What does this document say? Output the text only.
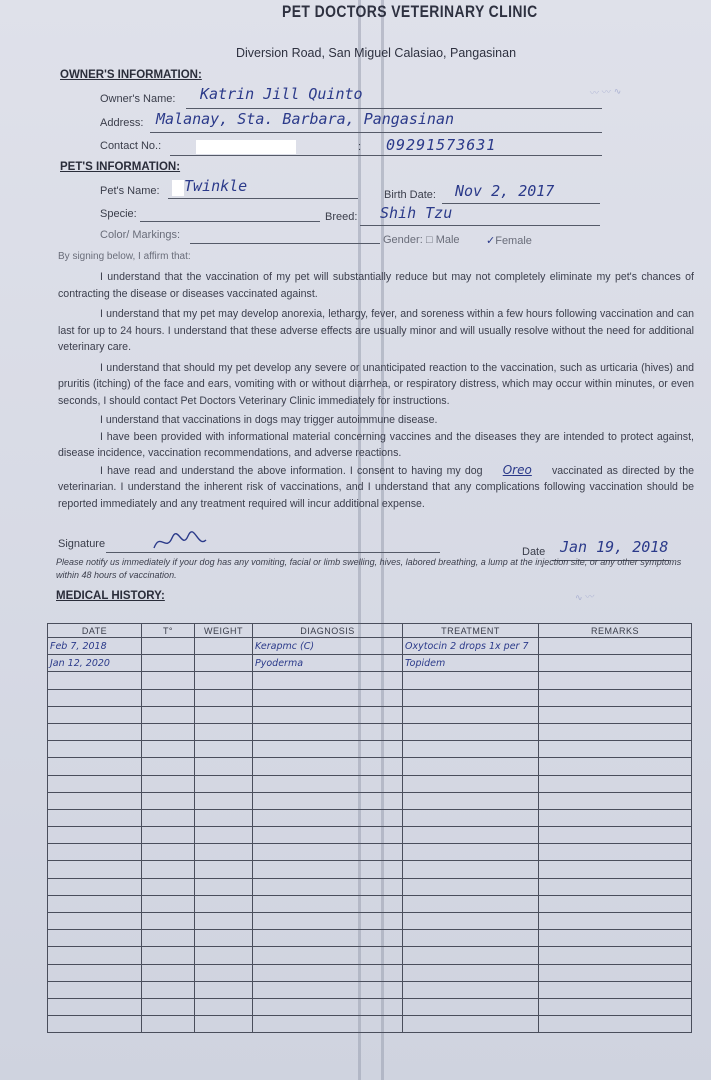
〰 〰 ∿
∿ 〰
PET DOCTORS VETERINARY CLINIC
Diversion Road, San Miguel Calasiao, Pangasinan
OWNER'S INFORMATION:
Owner's Name: Katrin Jill Quinto
Address: Malanay, Sta. Barbara, Pangasinan
Contact No.:	: 09291573631
PET'S INFORMATION:
Pet's Name: Twinkle	Birth Date: Nov 2, 2017
Specie:	Breed: Shih Tzu
Color/ Markings:	Gender: □ Male ✓Female
By signing below, I affirm that:

I understand that the vaccination of my pet will substantially reduce but may not completely eliminate my pet's chances of contracting the disease or diseases vaccinated against.

I understand that my pet may develop anorexia, lethargy, fever, and soreness within a few hours following vaccination and can last for up to 24 hours. I understand that these adverse effects are usually minor and will usually resolve without the need for additional veterinary care.

I understand that should my pet develop any severe or unanticipated reaction to the vaccination, such as urticaria (hives) and pruritis (itching) of the face and ears, vomiting with or without diarrhea, or respiratory distress, which may occur within minutes, or even seconds, I should contact Pet Doctors Veterinary Clinic immediately for instructions.

I understand that vaccinations in dogs may trigger autoimmune disease.

I have been provided with informational material concerning vaccines and the diseases they are intended to protect against, disease incidence, vaccination recommendations, and adverse reactions.

I have read and understand the above information. I consent to having my dog Oreo vaccinated as directed by the veterinarian. I understand the inherent risk of vaccinations, and I understand that any complications following vaccination should be reported immediately and any treatment required will incur additional expense.

Signature
Date Jan 19, 2018
Please notify us immediately if your dog has any vomiting, facial or limb swelling, hives, labored breathing, a lump at the injection site, or any other symptoms within 48 hours of vaccination.
MEDICAL HISTORY:
DATE	T°	WEIGHT	DIAGNOSIS	TREATMENT	REMARKS
Feb 7, 2018			Kerapmc (C)	Oxytocin 2 drops 1x per 7	
Jan 12, 2020			Pyoderma	Topidem	
